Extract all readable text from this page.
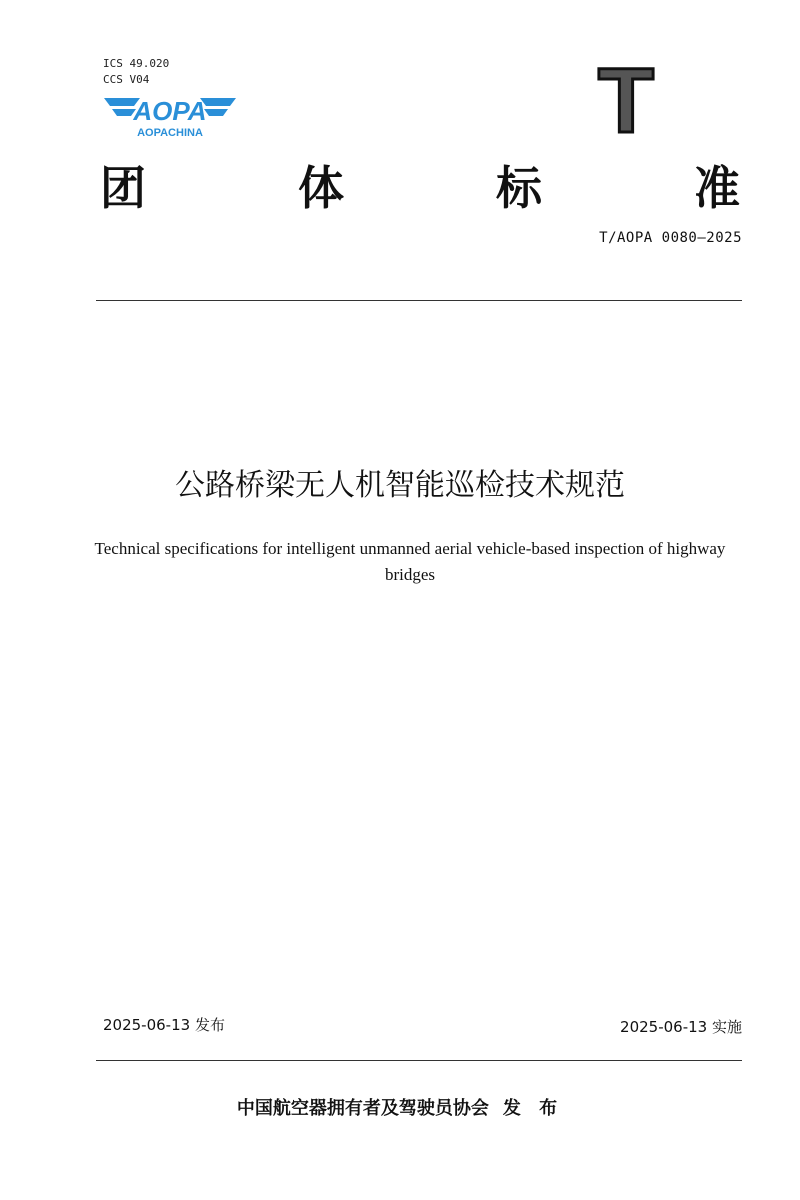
ICS 49.020
CCS V04
AOPA
AOPACHINA	T
团	体	标	准
T/AOPA 0080—2025
公路桥梁无人机智能巡检技术规范
Technical specifications for intelligent unmanned aerial vehicle-based inspection of highway bridges
2025-06-13 发布	2025-06-13 实施
中国航空器拥有者及驾驶员协会 发 布
